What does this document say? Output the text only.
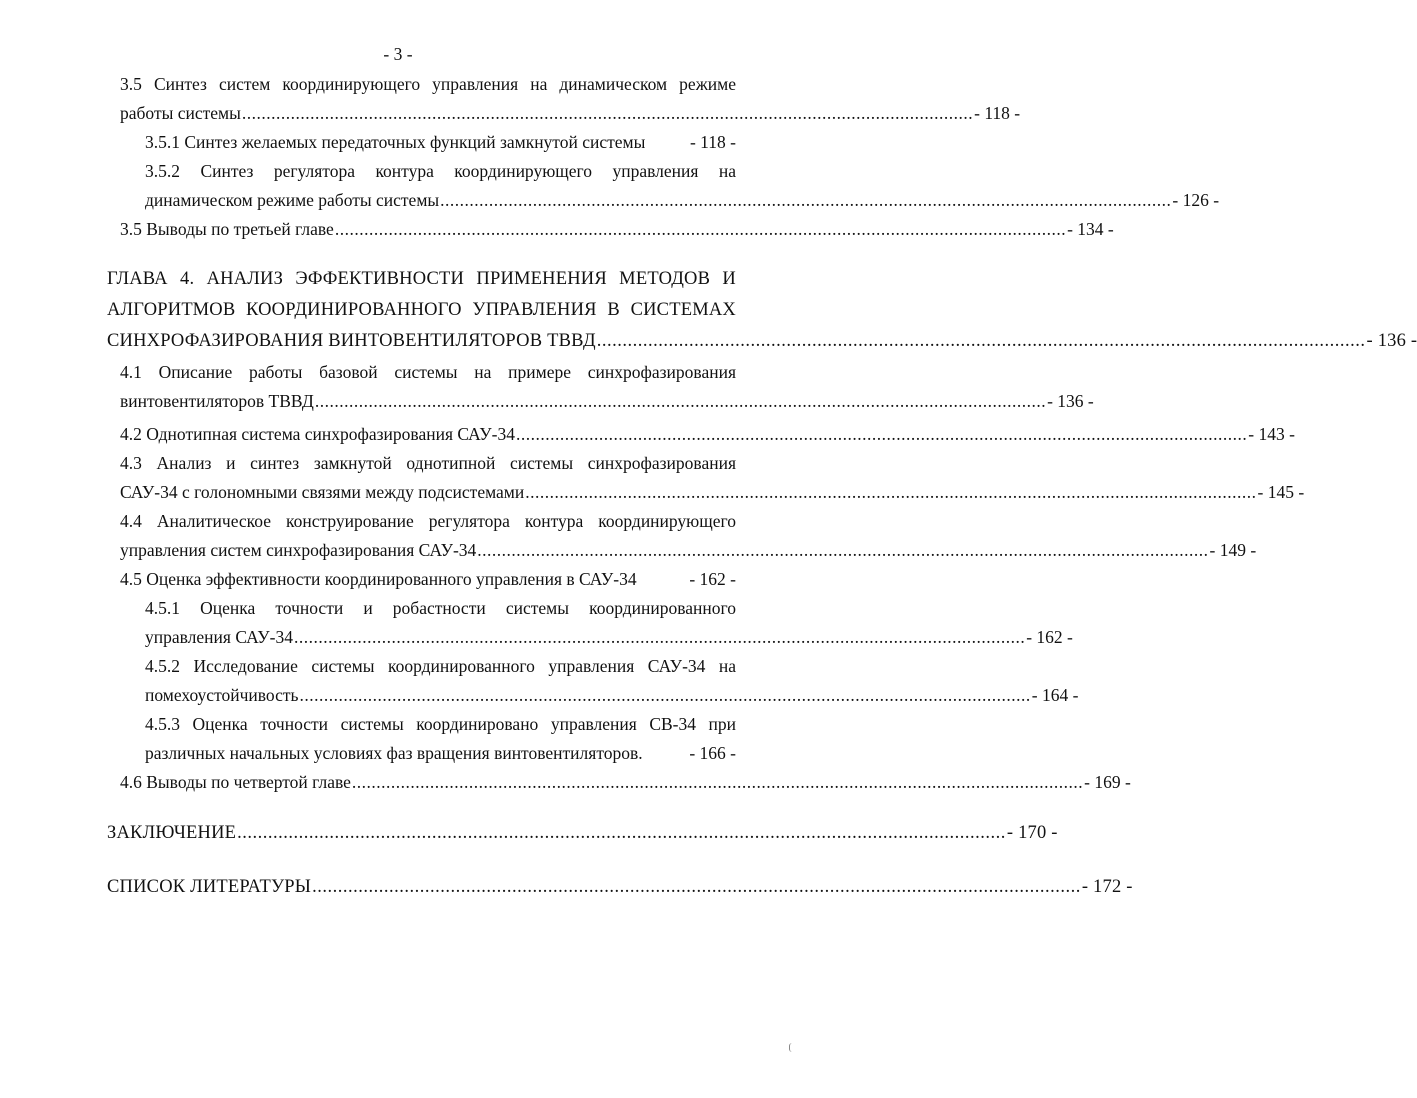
- 3 -
3.5 Синтез систем координирующего управления на динамическом режиме
работы системы ...................................................................................................................................................... - 118 -
3.5.1 Синтез желаемых передаточных функций замкнутой системы	- 118 -
3.5.2 Синтез регулятора контура координирующего управления на
динамическом режиме работы системы ...................................................................................................................................................... - 126 -
3.5 Выводы по третьей главе ...................................................................................................................................................... - 134 -
ГЛАВА 4. АНАЛИЗ ЭФФЕКТИВНОСТИ ПРИМЕНЕНИЯ МЕТОДОВ И
АЛГОРИТМОВ КООРДИНИРОВАННОГО УПРАВЛЕНИЯ В СИСТЕМАХ
СИНХРОФАЗИРОВАНИЯ ВИНТОВЕНТИЛЯТОРОВ ТВВД ...................................................................................................................................................... - 136 -
4.1 Описание работы базовой системы на примере синхрофазирования
винтовентиляторов ТВВД ...................................................................................................................................................... - 136 -
4.2 Однотипная система синхрофазирования САУ-34 ...................................................................................................................................................... - 143 -
4.3 Анализ и синтез замкнутой однотипной системы синхрофазирования
САУ-34 с голономными связями между подсистемами ...................................................................................................................................................... - 145 -
4.4 Аналитическое конструирование регулятора контура координирующего
управления систем синхрофазирования САУ-34 ...................................................................................................................................................... - 149 -
4.5 Оценка эффективности координированного управления в САУ-34	- 162 -
4.5.1 Оценка точности и робастности системы координированного
управления САУ-34 ...................................................................................................................................................... - 162 -
4.5.2 Исследование системы координированного управления САУ-34 на
помехоустойчивость ...................................................................................................................................................... - 164 -
4.5.3 Оценка точности системы координировано управления СВ-34 при
различных начальных условиях фаз вращения винтовентиляторов.	- 166 -
4.6 Выводы по четвертой главе ...................................................................................................................................................... - 169 -
ЗАКЛЮЧЕНИЕ ...................................................................................................................................................... - 170 -
СПИСОК ЛИТЕРАТУРЫ ...................................................................................................................................................... - 172 -
